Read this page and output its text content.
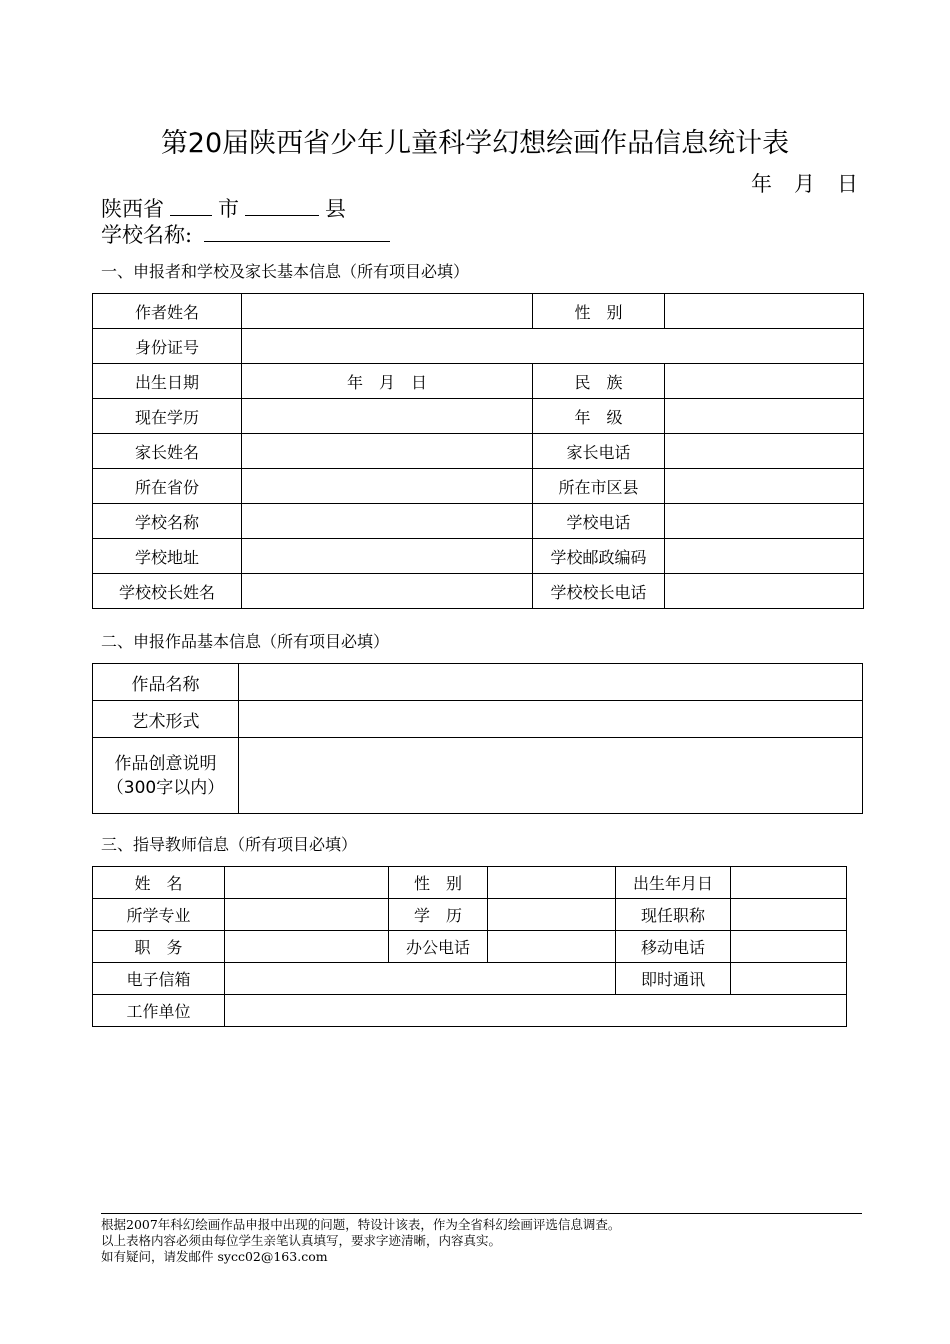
第20届陕西省少年儿童科学幻想绘画作品信息统计表
年 月 日
陕西省	市	县
学校名称:
一、申报者和学校及家长基本信息（所有项目必填）
作者姓名		性　别	
身份证号			
出生日期	年　月　日	民　族	
现在学历		年　级	
家长姓名		家长电话	
所在省份		所在市区县	
学校名称		学校电话	
学校地址		学校邮政编码	
学校校长姓名		学校校长电话	
二、申报作品基本信息（所有项目必填）
作品名称	
艺术形式	

作品创意说明
（300字以内）	

三、指导教师信息（所有项目必填）
姓　名		性　别		出生年月日	
所学专业		学　历		现任职称	
职　务		办公电话		移动电话	
电子信箱				即时通讯	
工作单位					
根据2007年科幻绘画作品申报中出现的问题，特设计该表，作为全省科幻绘画评选信息调查。
以上表格内容必须由每位学生亲笔认真填写，要求字迹清晰，内容真实。
如有疑问，请发邮件 sycc02@163.com
